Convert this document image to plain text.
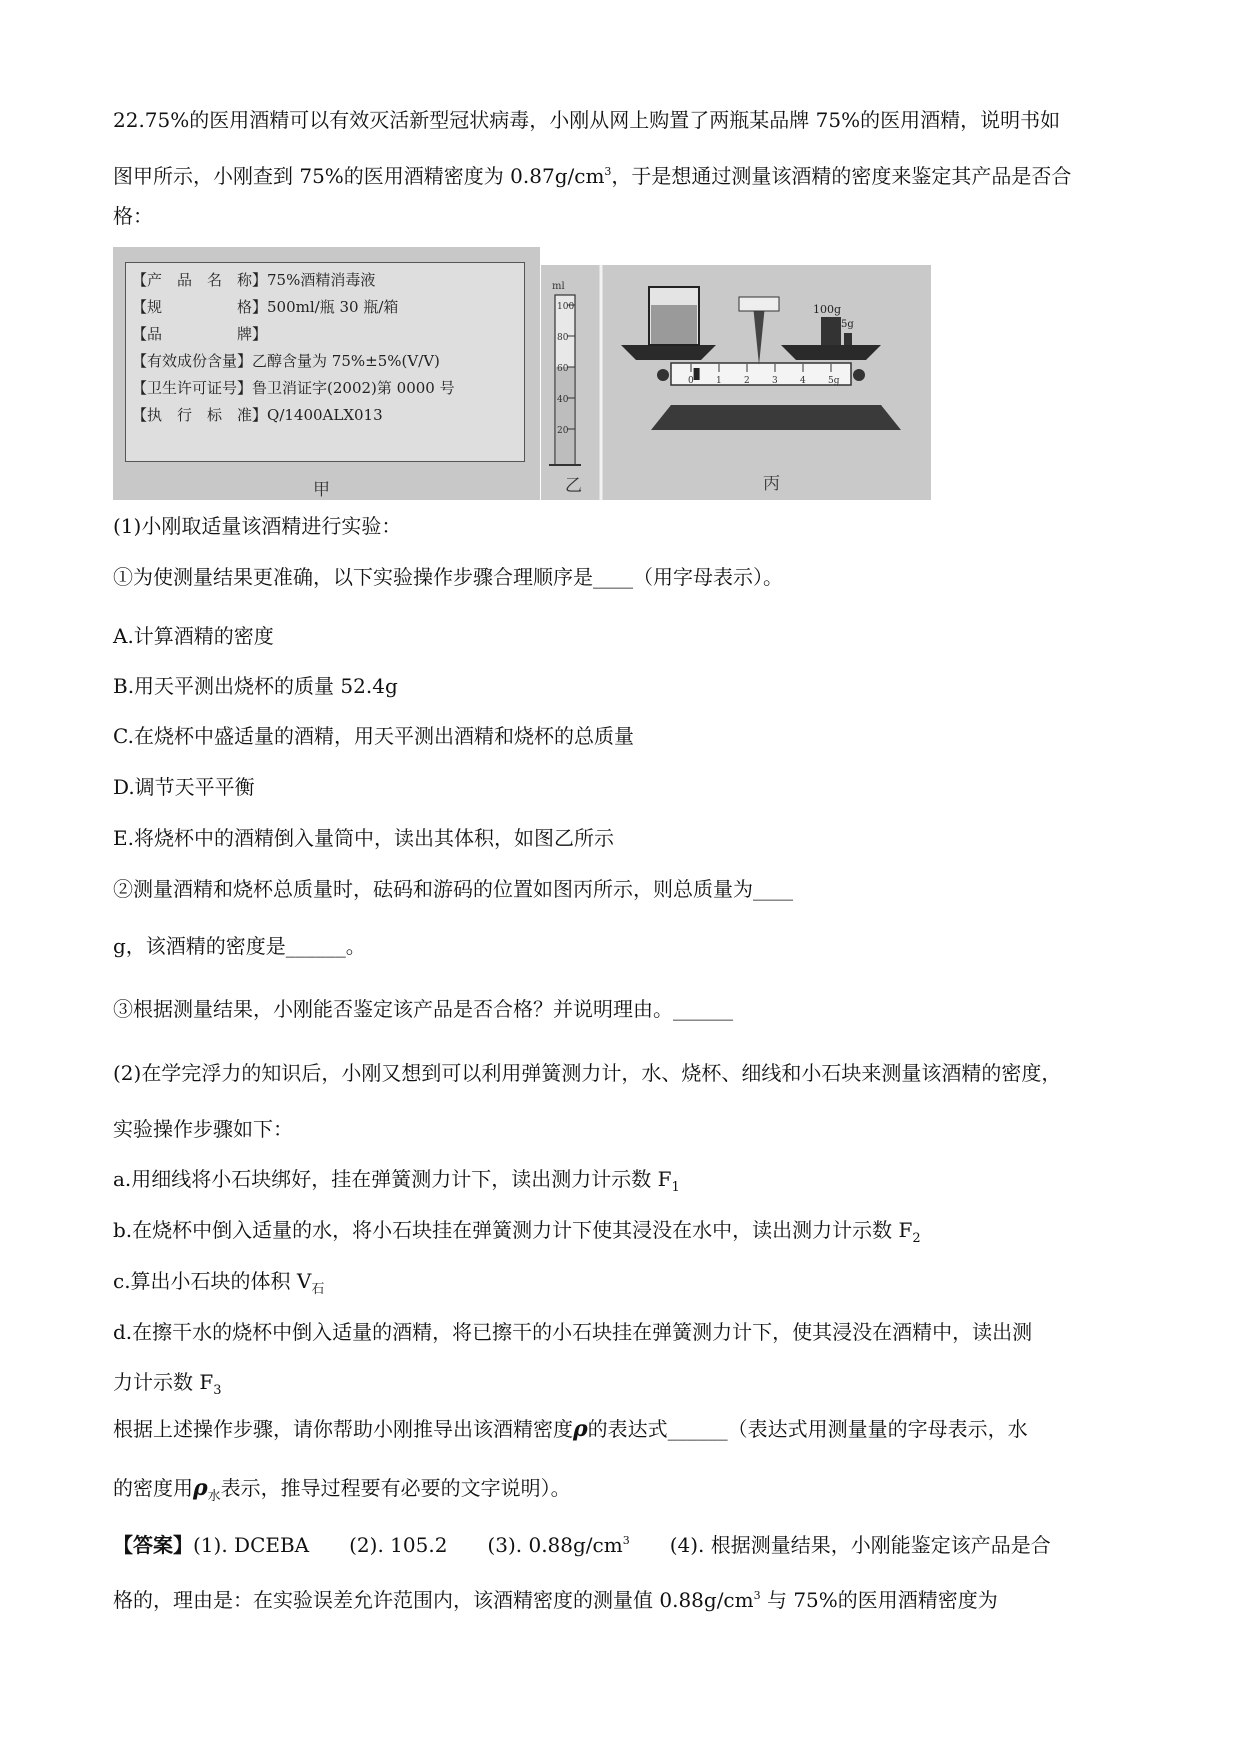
22.75%的医用酒精可以有效灭活新型冠状病毒，小刚从网上购置了两瓶某品牌 75%的医用酒精，说明书如
图甲所示，小刚查到 75%的医用酒精密度为 $0.87g/cm^3$，于是想通过测量该酒精的密度来鉴定其产品是否合
格：
【产　品　名　称】75%酒精消毒液
【规　　　　　格】500ml/瓶 30 瓶/箱
【品　　　　　牌】
【有效成份含量】乙醇含量为 75%±5%(V/V)
【卫生许可证号】鲁卫消证字(2002)第 0000 号
【执　行　标　准】Q/1400ALX013
甲
100
80
60
40
20
ml
乙
0 1 2 3 4 5g
100g
5g
丙
(1)小刚取适量该酒精进行实验：
①为使测量结果更准确，以下实验操作步骤合理顺序是____（用字母表示）。
A.计算酒精的密度
B.用天平测出烧杯的质量 52.4g
C.在烧杯中盛适量的酒精，用天平测出酒精和烧杯的总质量
D.调节天平平衡
E.将烧杯中的酒精倒入量筒中，读出其体积，如图乙所示
②测量酒精和烧杯总质量时，砝码和游码的位置如图丙所示，则总质量为____
g，该酒精的密度是______。
③根据测量结果，小刚能否鉴定该产品是否合格？并说明理由。______
(2)在学完浮力的知识后，小刚又想到可以利用弹簧测力计，水、烧杯、细线和小石块来测量该酒精的密度，
实验操作步骤如下：
a.用细线将小石块绑好，挂在弹簧测力计下，读出测力计示数 $F_1$
b.在烧杯中倒入适量的水，将小石块挂在弹簧测力计下使其浸没在水中，读出测力计示数 $F_2$
c.算出小石块的体积 $V_石$
d.在擦干水的烧杯中倒入适量的酒精，将已擦干的小石块挂在弹簧测力计下，使其浸没在酒精中，读出测
力计示数 $F_3$
根据上述操作步骤，请你帮助小刚推导出该酒精密度ρ的表达式______（表达式用测量量的字母表示，水
的密度用$\rho_水$表示，推导过程要有必要的文字说明）。
【答案】(1). DCEBA　　(2). 105.2　　(3). $0.88g/cm^3$　　(4). 根据测量结果，小刚能鉴定该产品是合
格的，理由是：在实验误差允许范围内，该酒精密度的测量值 $0.88g/cm^3$ 与 75%的医用酒精密度为
